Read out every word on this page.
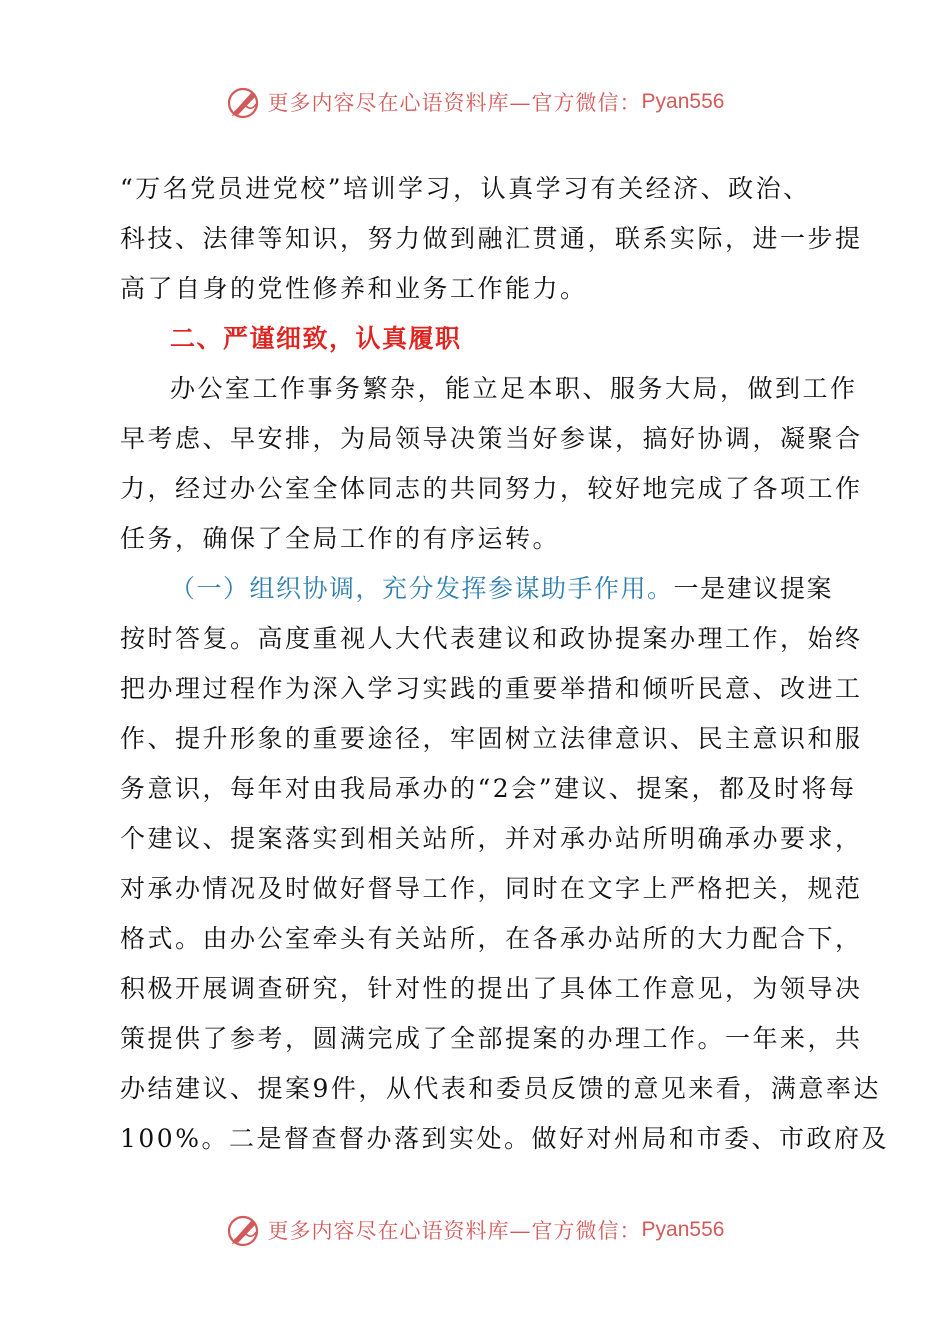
更多内容尽在心语资料库—官方微信： Pyan556
“万名党员进党校”培训学习，认真学习有关经济、政治、
科技、法律等知识，努力做到融汇贯通，联系实际，进一步提
高了自身的党性修养和业务工作能力。
二、严谨细致，认真履职
办公室工作事务繁杂，能立足本职、服务大局，做到工作
早考虑、早安排，为局领导决策当好参谋，搞好协调，凝聚合
力，经过办公室全体同志的共同努力，较好地完成了各项工作
任务，确保了全局工作的有序运转。
（一）组织协调，充分发挥参谋助手作用。一是建议提案
按时答复。高度重视人大代表建议和政协提案办理工作，始终
把办理过程作为深入学习实践的重要举措和倾听民意、改进工
作、提升形象的重要途径，牢固树立法律意识、民主意识和服
务意识，每年对由我局承办的“2会”建议、提案，都及时将每
个建议、提案落实到相关站所，并对承办站所明确承办要求，
对承办情况及时做好督导工作，同时在文字上严格把关，规范
格式。由办公室牵头有关站所，在各承办站所的大力配合下，
积极开展调查研究，针对性的提出了具体工作意见，为领导决
策提供了参考，圆满完成了全部提案的办理工作。一年来，共
办结建议、提案9件，从代表和委员反馈的意见来看，满意率达
100%。二是督查督办落到实处。做好对州局和市委、市政府及
更多内容尽在心语资料库—官方微信： Pyan556
